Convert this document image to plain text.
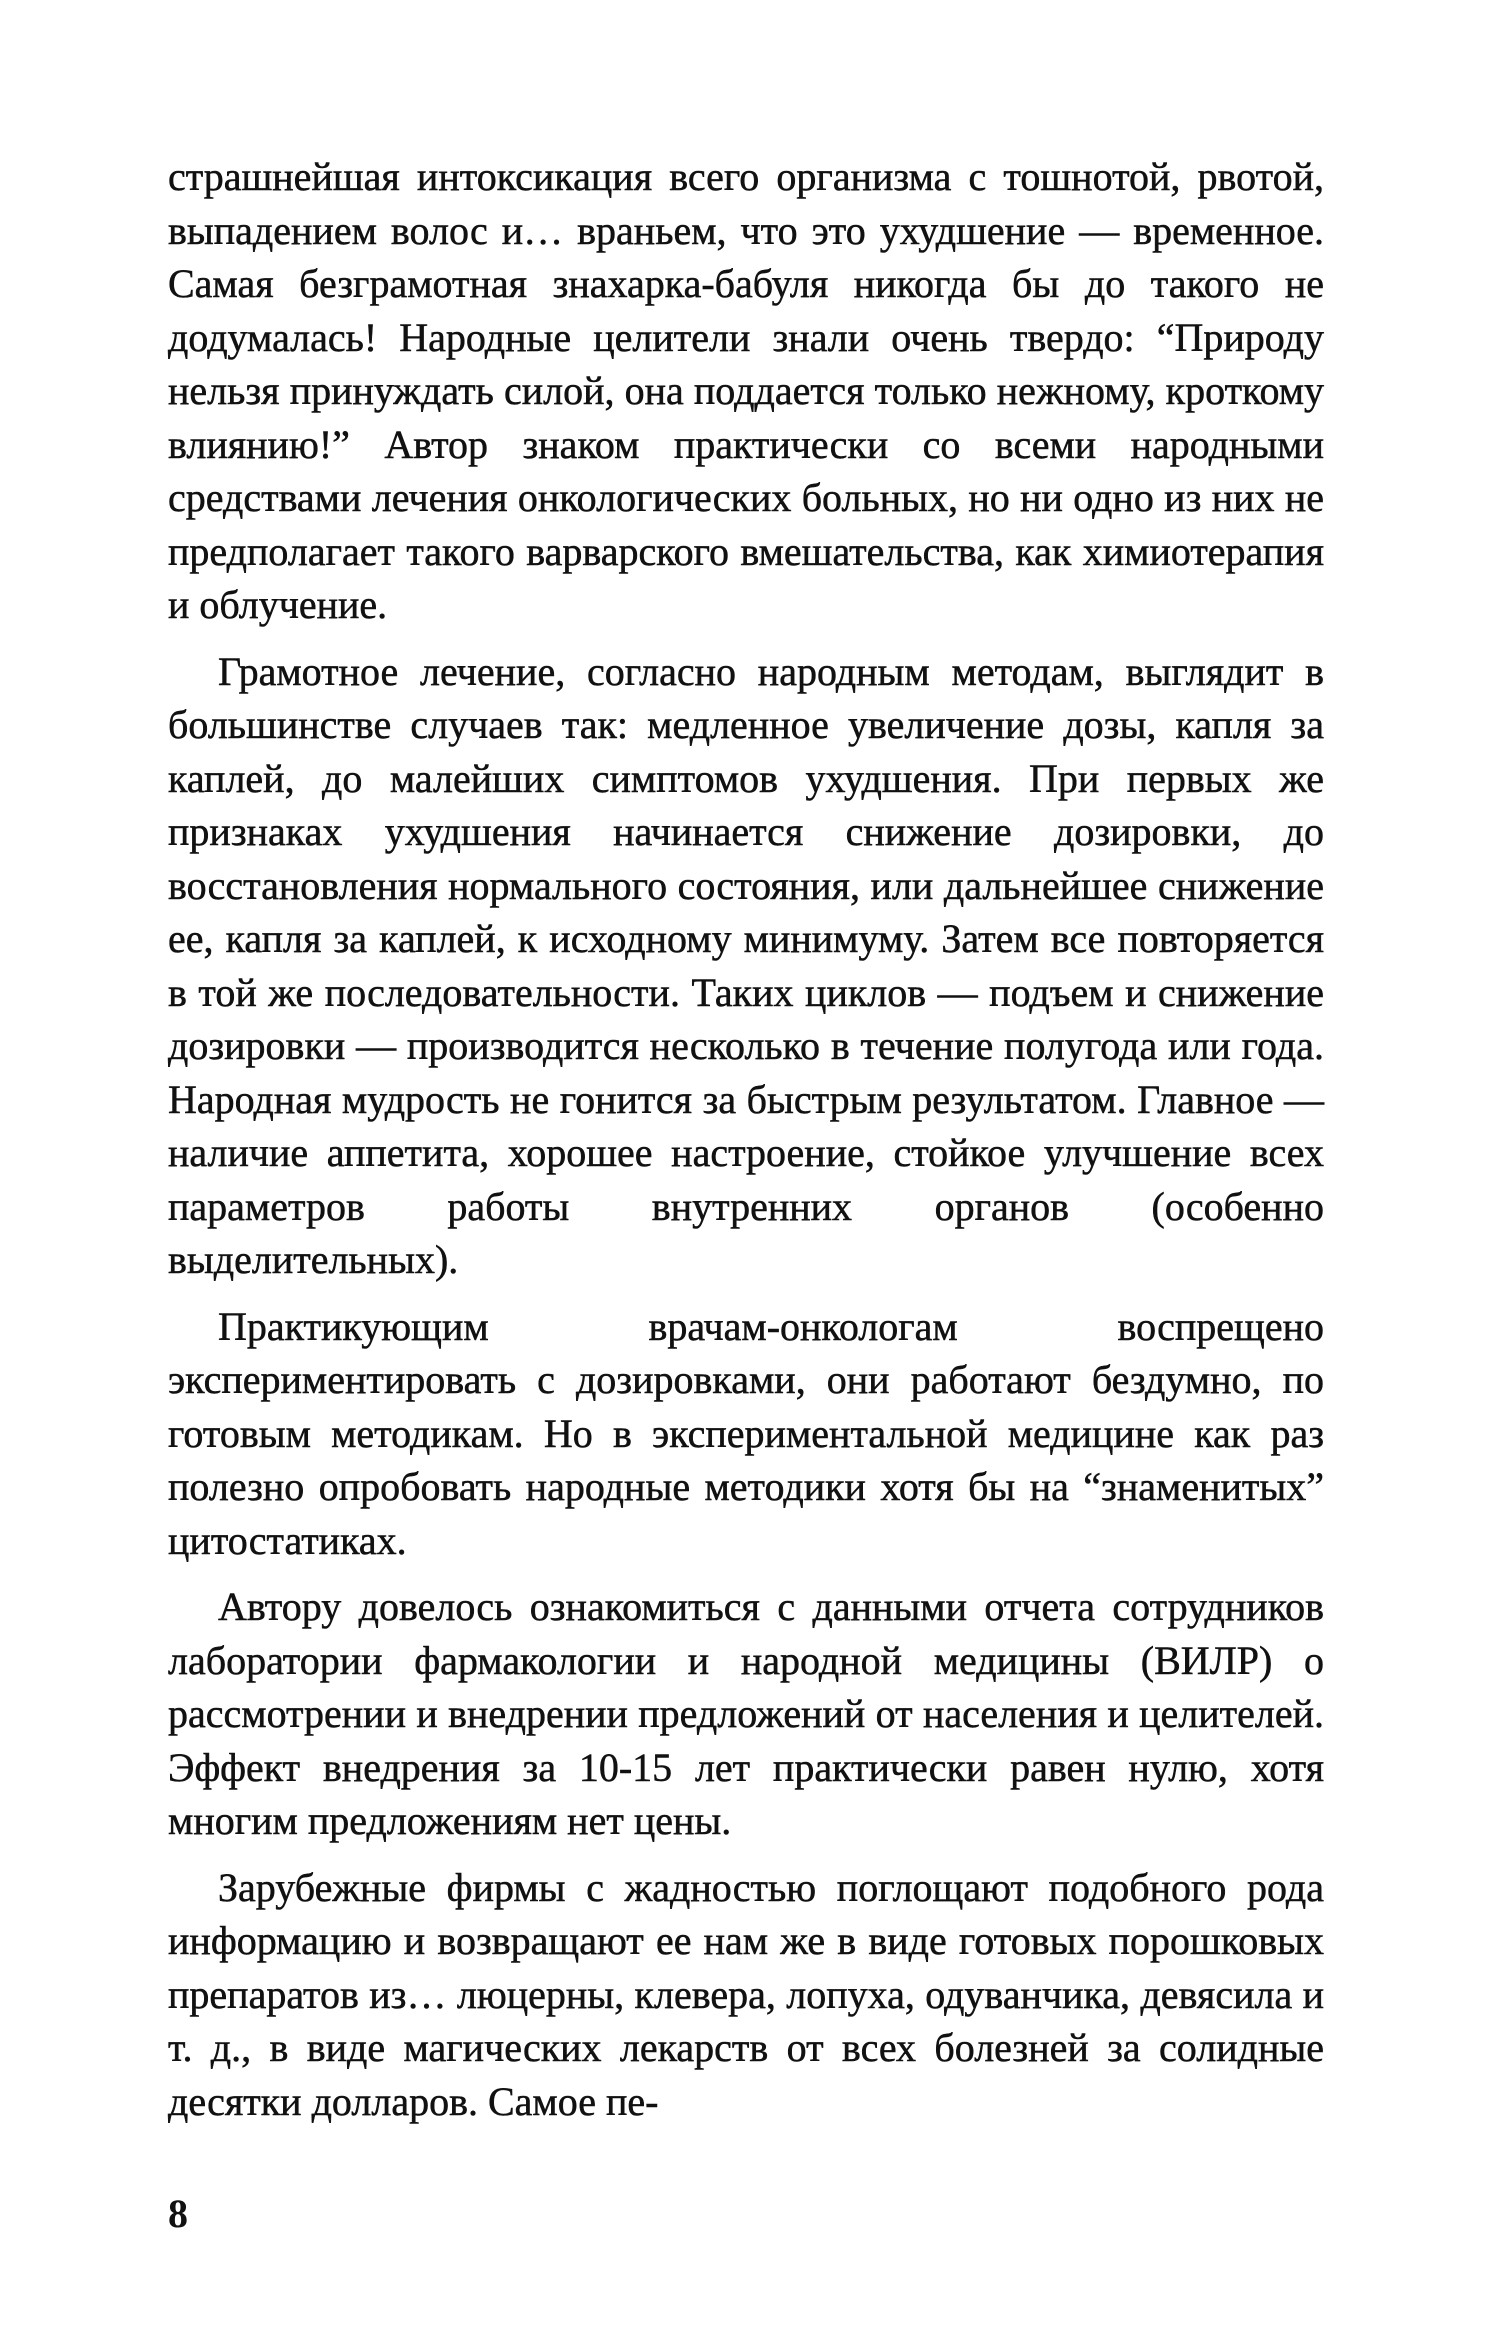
страшнейшая интоксикация всего организма с тошнотой, рвотой, выпадением волос и… враньем, что это ухудшение — временное. Самая безграмотная знахарка-бабуля никогда бы до такого не додумалась! Народные целители знали очень твердо: “Природу нельзя принуждать силой, она поддается только нежному, кроткому влиянию!” Автор знаком практически со всеми народными средствами лечения онкологических больных, но ни одно из них не предполагает такого варварского вмешательства, как химиотерапия и облучение.

Грамотное лечение, согласно народным методам, выглядит в большинстве случаев так: медленное увеличение дозы, капля за каплей, до малейших симптомов ухудшения. При первых же признаках ухудшения начинается снижение дозировки, до восстановления нормального состояния, или дальнейшее снижение ее, капля за каплей, к исходному минимуму. Затем все повторяется в той же последовательности. Таких циклов — подъем и снижение дозировки — производится несколько в течение полугода или года. Народная мудрость не гонится за быстрым результатом. Главное — наличие аппетита, хорошее настроение, стойкое улучшение всех параметров работы внутренних органов (особенно выделительных).

Практикующим врачам-онкологам воспрещено экспериментировать с дозировками, они работают бездумно, по готовым методикам. Но в экспериментальной медицине как раз полезно опробовать народные методики хотя бы на “знаменитых” цитостатиках.

Автору довелось ознакомиться с данными отчета сотрудников лаборатории фармакологии и народной медицины (ВИЛР) о рассмотрении и внедрении предложений от населения и целителей. Эффект внедрения за 10-15 лет практически равен нулю, хотя многим предложениям нет цены.

Зарубежные фирмы с жадностью поглощают подобного рода информацию и возвращают ее нам же в виде готовых порошковых препаратов из… люцерны, клевера, лопуха, одуванчика, девясила и т. д., в виде магических лекарств от всех болезней за солидные десятки долларов. Самое пе-

8
